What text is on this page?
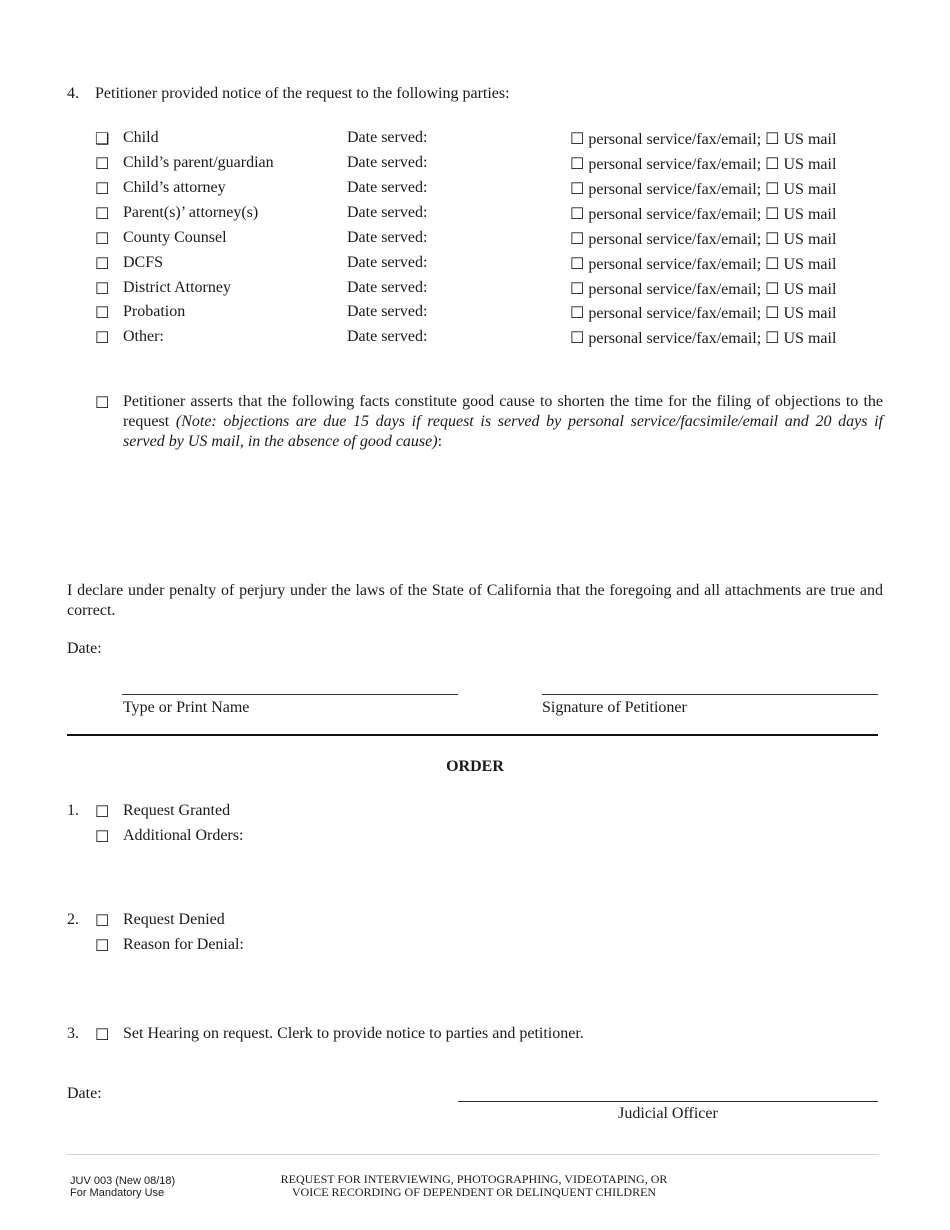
4. Petitioner provided notice of the request to the following parties:
❑ Child	Date served:	☐ personal service/fax/email; ☐ US mail
☐ Child’s parent/guardian	Date served:	☐ personal service/fax/email; ☐ US mail
☐ Child’s attorney	Date served:	☐ personal service/fax/email; ☐ US mail
☐ Parent(s)’ attorney(s)	Date served:	☐ personal service/fax/email; ☐ US mail
☐ County Counsel	Date served:	☐ personal service/fax/email; ☐ US mail
☐ DCFS	Date served:	☐ personal service/fax/email; ☐ US mail
☐ District Attorney	Date served:	☐ personal service/fax/email; ☐ US mail
☐ Probation	Date served:	☐ personal service/fax/email; ☐ US mail
☐ Other:	Date served:	☐ personal service/fax/email; ☐ US mail
☐ Petitioner asserts that the following facts constitute good cause to shorten the time for the filing of objections to the request (Note: objections are due 15 days if request is served by personal service/facsimile/email and 20 days if served by US mail, in the absence of good cause):
I declare under penalty of perjury under the laws of the State of California that the foregoing and all attachments are true and correct.
Date:
Type or Print Name	Signature of Petitioner
ORDER
1. ☐ Request Granted
☐ Additional Orders:
2. ☐ Request Denied
☐ Reason for Denial:
3. ☐ Set Hearing on request. Clerk to provide notice to parties and petitioner.
Date:
Judicial Officer
JUV 003 (New 08/18)
For Mandatory Use
REQUEST FOR INTERVIEWING, PHOTOGRAPHING, VIDEOTAPING, OR
VOICE RECORDING OF DEPENDENT OR DELINQUENT CHILDREN
